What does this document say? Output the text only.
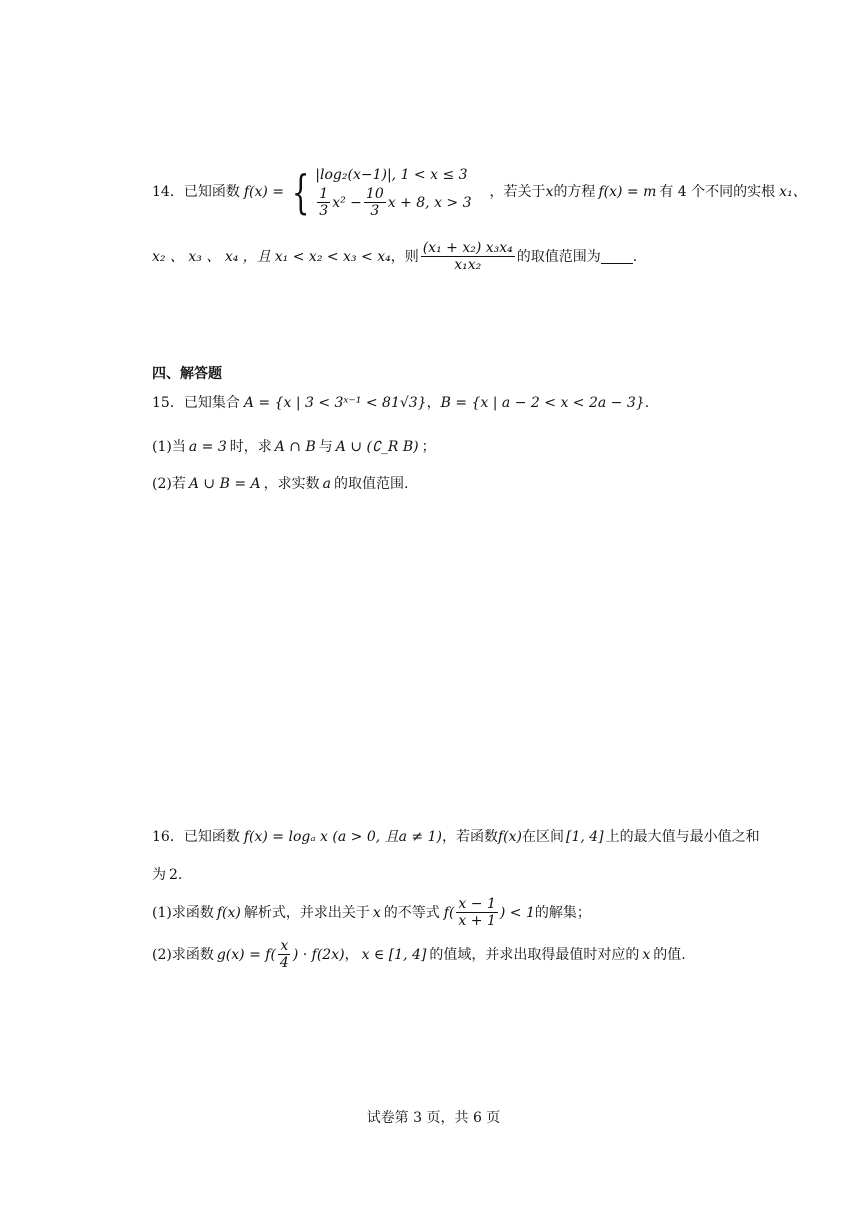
14． 已知函数 f(x) = { |log₂(x−1)|, 1 < x ≤ 3
$\frac{1}{3} x^2 - \frac{10}{3}$ x + 8, x > 3
，若关于 x 的方程 f(x) = m 有 4 个不同的实根 x₁、
x₂ 、 x₃ 、 x₄ ，且 x₁ < x₂ < x₃ < x₄ ，则 $\frac{\text{(x₁ + x₂) x₃x₄}}{\text{x₁x₂}}$ 的取值范围为 .
四、解答题
15．已知集合 A = {x | 3 < 3ˣ⁻¹ < 81√3}，B = {x | a − 2 < x < 2a − 3}.
(1)当 a = 3 时，求 A ∩ B 与 A ∪ (∁_R B) ；
(2)若 A ∪ B = A ，求实数 a 的取值范围.
16．已知函数 f(x) = logₐ x (a > 0, 且a ≠ 1)，若函数f(x)在区间 [1, 4] 上的最大值与最小值之和
为 2.
(1)求函数 f(x) 解析式，并求出关于 x 的不等式 $f( \frac{x - 1}{x + 1}$ ) < 1 的解集；
(2)求函数 $g(x) = f( \frac{x}{4}$ ) · f(2x) ， x ∈ [1, 4] 的值域，并求出取得最值时对应的 x 的值.
试卷第 3 页，共 6 页
